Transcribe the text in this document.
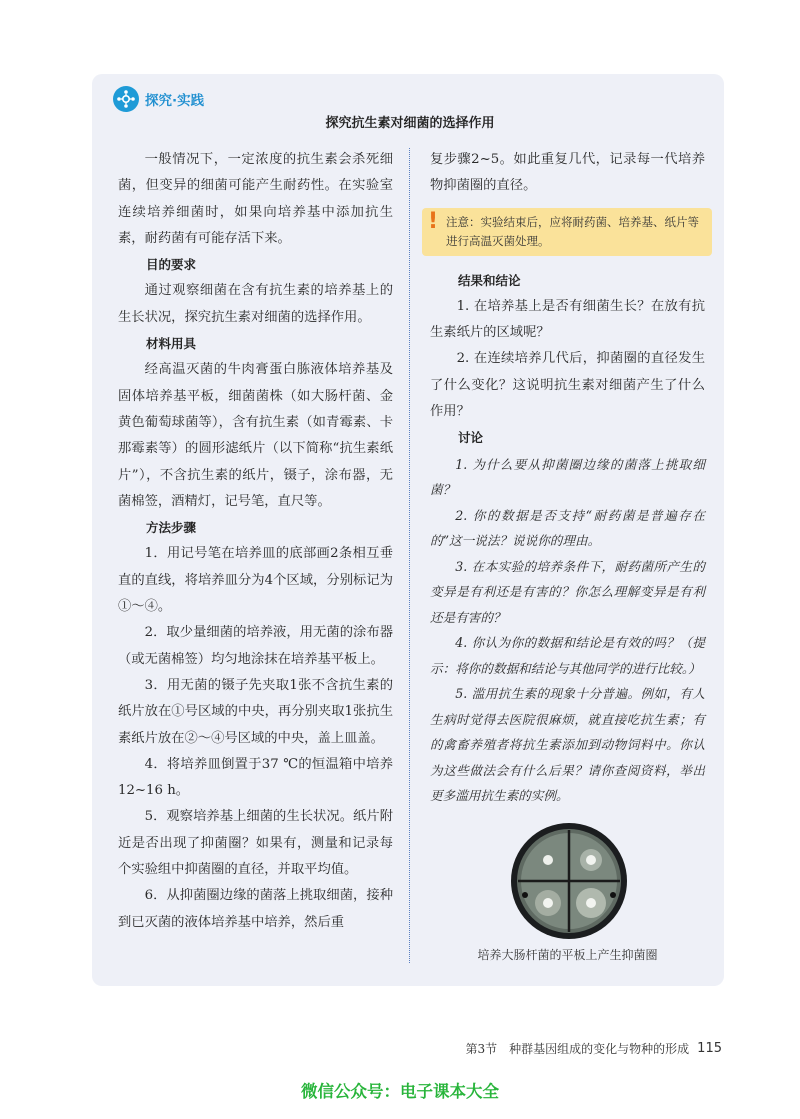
探究·实践
探究抗生素对细菌的选择作用

一般情况下，一定浓度的抗生素会杀死细菌，但变异的细菌可能产生耐药性。在实验室连续培养细菌时，如果向培养基中添加抗生素，耐药菌有可能存活下来。

目的要求

通过观察细菌在含有抗生素的培养基上的生长状况，探究抗生素对细菌的选择作用。

材料用具

经高温灭菌的牛肉膏蛋白胨液体培养基及固体培养基平板，细菌菌株（如大肠杆菌、金黄色葡萄球菌等），含有抗生素（如青霉素、卡那霉素等）的圆形滤纸片（以下简称“抗生素纸片”），不含抗生素的纸片，镊子，涂布器，无菌棉签，酒精灯，记号笔，直尺等。

方法步骤

1．用记号笔在培养皿的底部画2条相互垂直的直线，将培养皿分为4个区域，分别标记为①～④。

2．取少量细菌的培养液，用无菌的涂布器（或无菌棉签）均匀地涂抹在培养基平板上。

3．用无菌的镊子先夹取1张不含抗生素的纸片放在①号区域的中央，再分别夹取1张抗生素纸片放在②～④号区域的中央，盖上皿盖。

4．将培养皿倒置于37 ℃的恒温箱中培养12~16 h。

5．观察培养基上细菌的生长状况。纸片附近是否出现了抑菌圈？如果有，测量和记录每个实验组中抑菌圈的直径，并取平均值。

6．从抑菌圈边缘的菌落上挑取细菌，接种到已灭菌的液体培养基中培养，然后重

复步骤2~5。如此重复几代，记录每一代培养物抑菌圈的直径。

! 注意：实验结束后，应将耐药菌、培养基、纸片等进行高温灭菌处理。
结果和结论

1. 在培养基上是否有细菌生长？在放有抗生素纸片的区域呢？

2. 在连续培养几代后，抑菌圈的直径发生了什么变化？这说明抗生素对细菌产生了什么作用？

讨论

1. 为什么要从抑菌圈边缘的菌落上挑取细菌？

2. 你的数据是否支持“耐药菌是普遍存在的”这一说法？说说你的理由。

3. 在本实验的培养条件下，耐药菌所产生的变异是有利还是有害的？你怎么理解变异是有利还是有害的？

4. 你认为你的数据和结论是有效的吗？（提示：将你的数据和结论与其他同学的进行比较。）

5. 滥用抗生素的现象十分普遍。例如，有人生病时觉得去医院很麻烦，就直接吃抗生素；有的禽畜养殖者将抗生素添加到动物饲料中。你认为这些做法会有什么后果？请你查阅资料，举出更多滥用抗生素的实例。

培养大肠杆菌的平板上产生抑菌圈
第3节　种群基因组成的变化与物种的形成 115
微信公众号：电子课本大全
